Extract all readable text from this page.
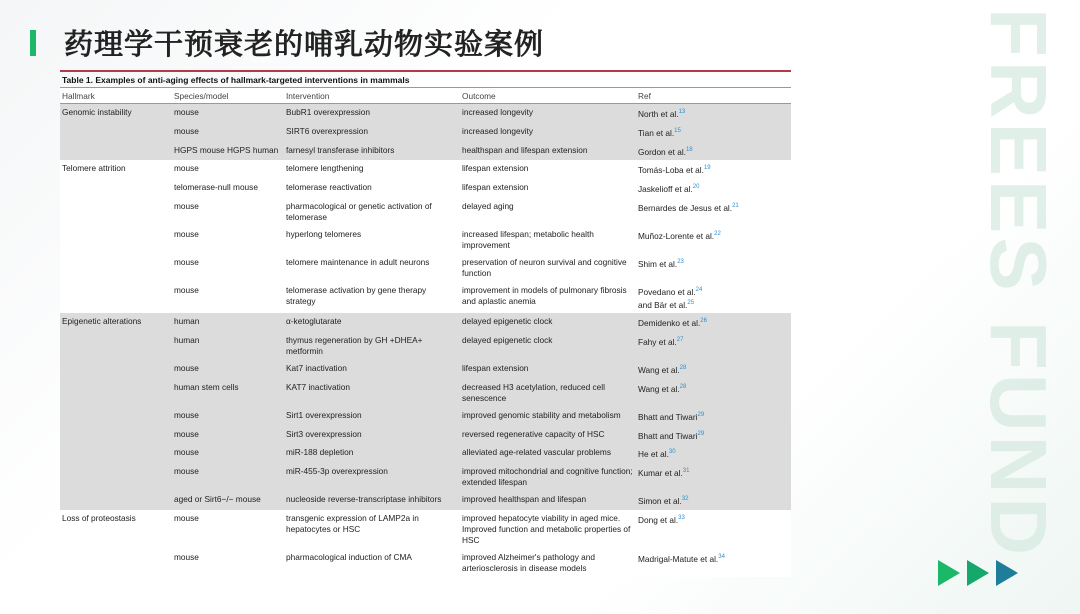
药理学干预衰老的哺乳动物实验案例	FREES FUND
Table 1. Examples of anti-aging effects of hallmark-targeted interventions in mammals
Hallmark	Species/model	Intervention	Outcome	Ref
Genomic instability	mouse	BubR1 overexpression	increased longevity	North et al.$^{13}$
	mouse	SIRT6 overexpression	increased longevity	Tian et al.$^{15}$
	HGPS mouse HGPS human	farnesyl transferase inhibitors	healthspan and lifespan extension	Gordon et al.$^{18}$
Telomere attrition	mouse	telomere lengthening	lifespan extension	Tomás-Loba et al.$^{19}$
	telomerase-null mouse	telomerase reactivation	lifespan extension	Jaskelioff et al.$^{20}$
	mouse	pharmacological or genetic activation of telomerase	delayed aging	Bernardes de Jesus et al.$^{21}$
	mouse	hyperlong telomeres	increased lifespan; metabolic health improvement	Muñoz-Lorente et al.$^{22}$
	mouse	telomere maintenance in adult neurons	preservation of neuron survival and cognitive function	Shim et al.$^{23}$
	mouse	telomerase activation by gene therapy strategy	improvement in models of pulmonary fibrosis and aplastic anemia	Povedano et al.$^{24}$
and Bär et al.$^{25}$
Epigenetic alterations	human	α-ketoglutarate	delayed epigenetic clock	Demidenko et al.$^{26}$
	human	thymus regeneration by GH +DHEA+ metformin	delayed epigenetic clock	Fahy et al.$^{27}$
	mouse	Kat7 inactivation	lifespan extension	Wang et al.$^{28}$
	human stem cells	KAT7 inactivation	decreased H3 acetylation, reduced cell senescence	Wang et al.$^{28}$
	mouse	Sirt1 overexpression	improved genomic stability and metabolism	Bhatt and Tiwari$^{29}$
	mouse	Sirt3 overexpression	reversed regenerative capacity of HSC	Bhatt and Tiwari$^{29}$
	mouse	miR-188 depletion	alleviated age-related vascular problems	He et al.$^{30}$
	mouse	miR-455-3p overexpression	improved mitochondrial and cognitive function; extended lifespan	Kumar et al.$^{31}$
	aged or Sirt6−/− mouse	nucleoside reverse-transcriptase inhibitors	improved healthspan and lifespan	Simon et al.$^{32}$
Loss of proteostasis	mouse	transgenic expression of LAMP2a in hepatocytes or HSC	improved hepatocyte viability in aged mice. Improved function and metabolic properties of HSC	Dong et al.$^{33}$
	mouse	pharmacological induction of CMA	improved Alzheimer's pathology and arteriosclerosis in disease models	Madrigal-Matute et al.$^{34}$
